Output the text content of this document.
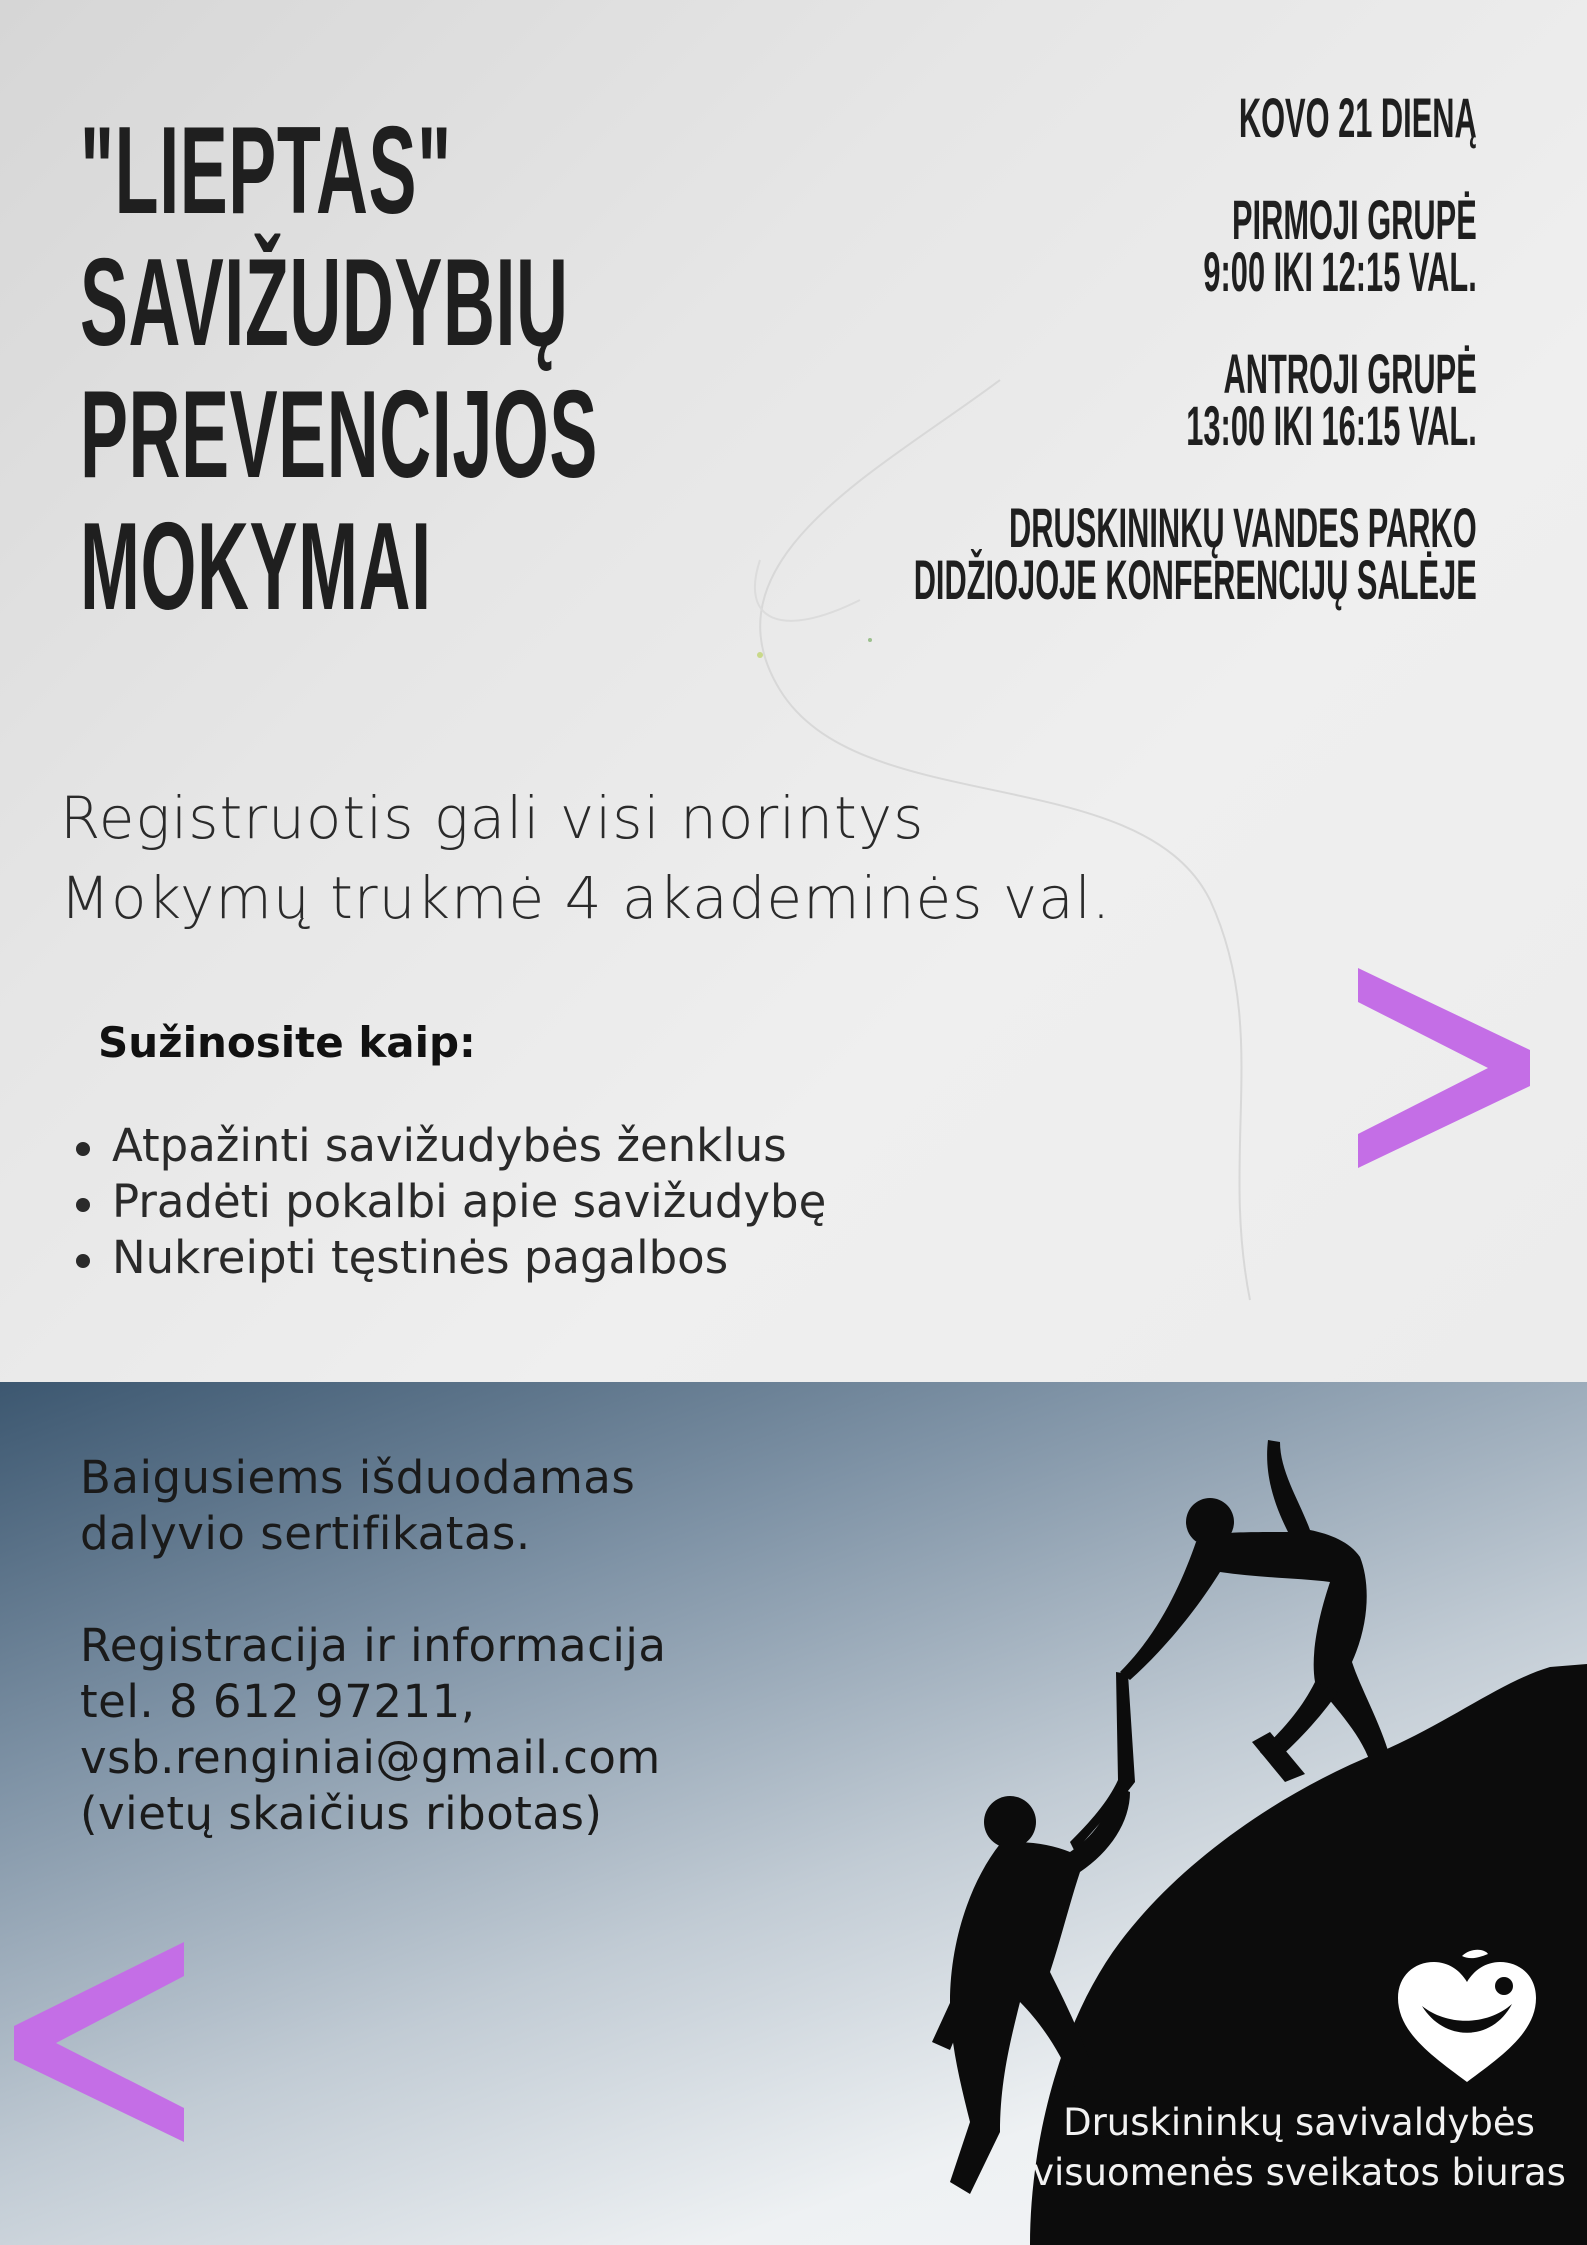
"LIEPTAS"
SAVIŽUDYBIŲ
PREVENCIJOS
MOKYMAI
KOVO 21 DIENĄ
PIRMOJI GRUPĖ
9:00 IKI 12:15 VAL.
ANTROJI GRUPĖ
13:00 IKI 16:15 VAL.
DRUSKININKŲ VANDES PARKO
DIDŽIOJOJE KONFERENCIJŲ SALĖJE
Registruotis gali visi norintys
Mokymų trukmė 4 akademinės val.
Sužinosite kaip:
Atpažinti savižudybės ženklus
Pradėti pokalbi apie savižudybę
Nukreipti tęstinės pagalbos
Baigusiems išduodamas
dalyvio sertifikatas.
Registracija ir informacija
tel. 8 612 97211,
vsb.renginiai@gmail.com
(vietų skaičius ribotas)
Druskininkų savivaldybės
visuomenės sveikatos biuras
